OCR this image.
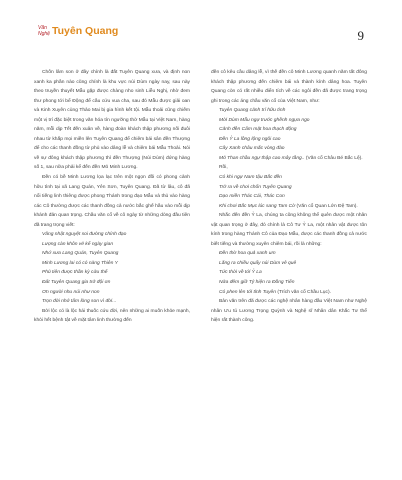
Văn
Nghệ Tuyên Quang	9

Chốn lâm son ở đây chính là đất Tuyên Quang xưa, và định non xanh ka phần nào cũng chính là khu vực núi Dùm ngày nay, sau này theo truyền thuyết Mẫu gặp được chàng nho sinh Liễu Nghị, nhờ đem thư phong tới bể Động để cầu cứu vua cha, sau đó Mẫu được giải oan và Kinh Xuyên cùng Thảo Mai bị gia hình kết tội. Mẫu thoải cũng chiếm một vị trí đặc biệt trong văn hóa tín ngưỡng thờ Mẫu tại Việt Nam, hàng năm, mỗi dịp Tết đến xuân về, hàng đoàn khách thập phương nối đuôi nhau từ khắp mọi miền lên Tuyên Quang để chiêm bái sân đền Thượng để cho các thanh đồng từ phủ vào dâng lễ và chiêm bái Mẫu Thoải. Nói về sự đông khách thập phương thì đền Thượng (Núi Dùm) đứng hàng số 1, sau nữa phải kể đến đền Mỏ Minh Lương.

Đền có bề Minh Lương lọa lạc trên một ngọn đồi có phong cảnh hữu tình tại xã Lang Quán, Yên Sơn, Tuyên Quang. Đã từ lâu, cô đã nổi tiếng linh thiêng được phong Thánh trong đạo Mẫu và thủ vào hàng các Cô thường được các thanh đồng cả nước bắc ghế hầu vào mỗi dịp khánh đản quan trọng. Chầu văn cổ về cô ngày từ những dòng đầu tiên đã trang trọng viết:

Vâng nhật nguyệt soi đường chính đạo

Lượng càn khôn vẻ kể ngày gian

Nhớ xưa Lang Quán, Tuyên Quang

Minh Lương lai có có nàng Thiên Y

Phủ tiên được thần kỳ cửu thế

Đất Tuyên Quang gia trở đội ơn

Ơn người nhu núi như non

Trọn đời nhớ tấm lòng son vì đời...

Bởi lộc có là lộc hái thuốc cứu đời, nên những ai muốn khỏe mạnh, khỏi hết bệnh tật về mặt tâm linh thường đến

đền cô kêu cầu dâng lễ, vì thế đền cô Minh Lương quanh năm tất đông khách thập phương đến chiêm bái và thành kính dâng hoa. Tuyên Quang còn có rất nhiều điển tích về các ngôi đền đã được trang trọng ghi trong các áng chầu văn cổ của Việt Nam, như:

Tuyên Quang cảnh trí hữu tình

Mời Dùm Mẫu ngự trước ghềnh ngựa ngo

Cảnh đền Cấm mặt hoa thạch động

Đền Ỷ La lồng lộng ngôi cao

Cây Xanh châu mắc vòng đào

Mỏ Than chầu ngự thập cao mây tầng.. (Văn cổ Châu Bé Bắc Lệ).

Rồi,

Có khi ngự Nam tậu Bắc đền

Trở ra về chơi chốn Tuyên Quang

Dạo miền Thác Cái, Thác Con

Khi chơi Bắc Mục lúc sang Tam Cờ (Văn cổ Quan Lớn Đệ Tam).

Nhắc đến đền Ỷ La, chúng ta cũng không thể quên được một nhân vật quan trọng ở đây, đó chính là Cô Tư Ỷ La, một nhân vật được tôn kính trong hàng Thánh Cô của Đạo Mẫu, được các thanh đồng cả nước biết tiếng và thường xuyên chiêm bái, rồi là những:

Đền thờ hoa quả xanh um

Lắng ra chiều quẩy núi Dùm vê quê

Tức thời về tới Ỷ La

Nửa đêm giữ Tỷ hiện ra Đồng Tiến

Có phen lên tới tỉnh Tuyên (Trích văn cổ Chầu Lục).

Bản văn trên đã được các nghệ nhân hàng đầu Việt Nam như Nghệ nhân Ưu tú Lương Trọng Quỳnh và Nghệ sĩ Nhân dân Khắc Tư thể hiện rất thành công.
